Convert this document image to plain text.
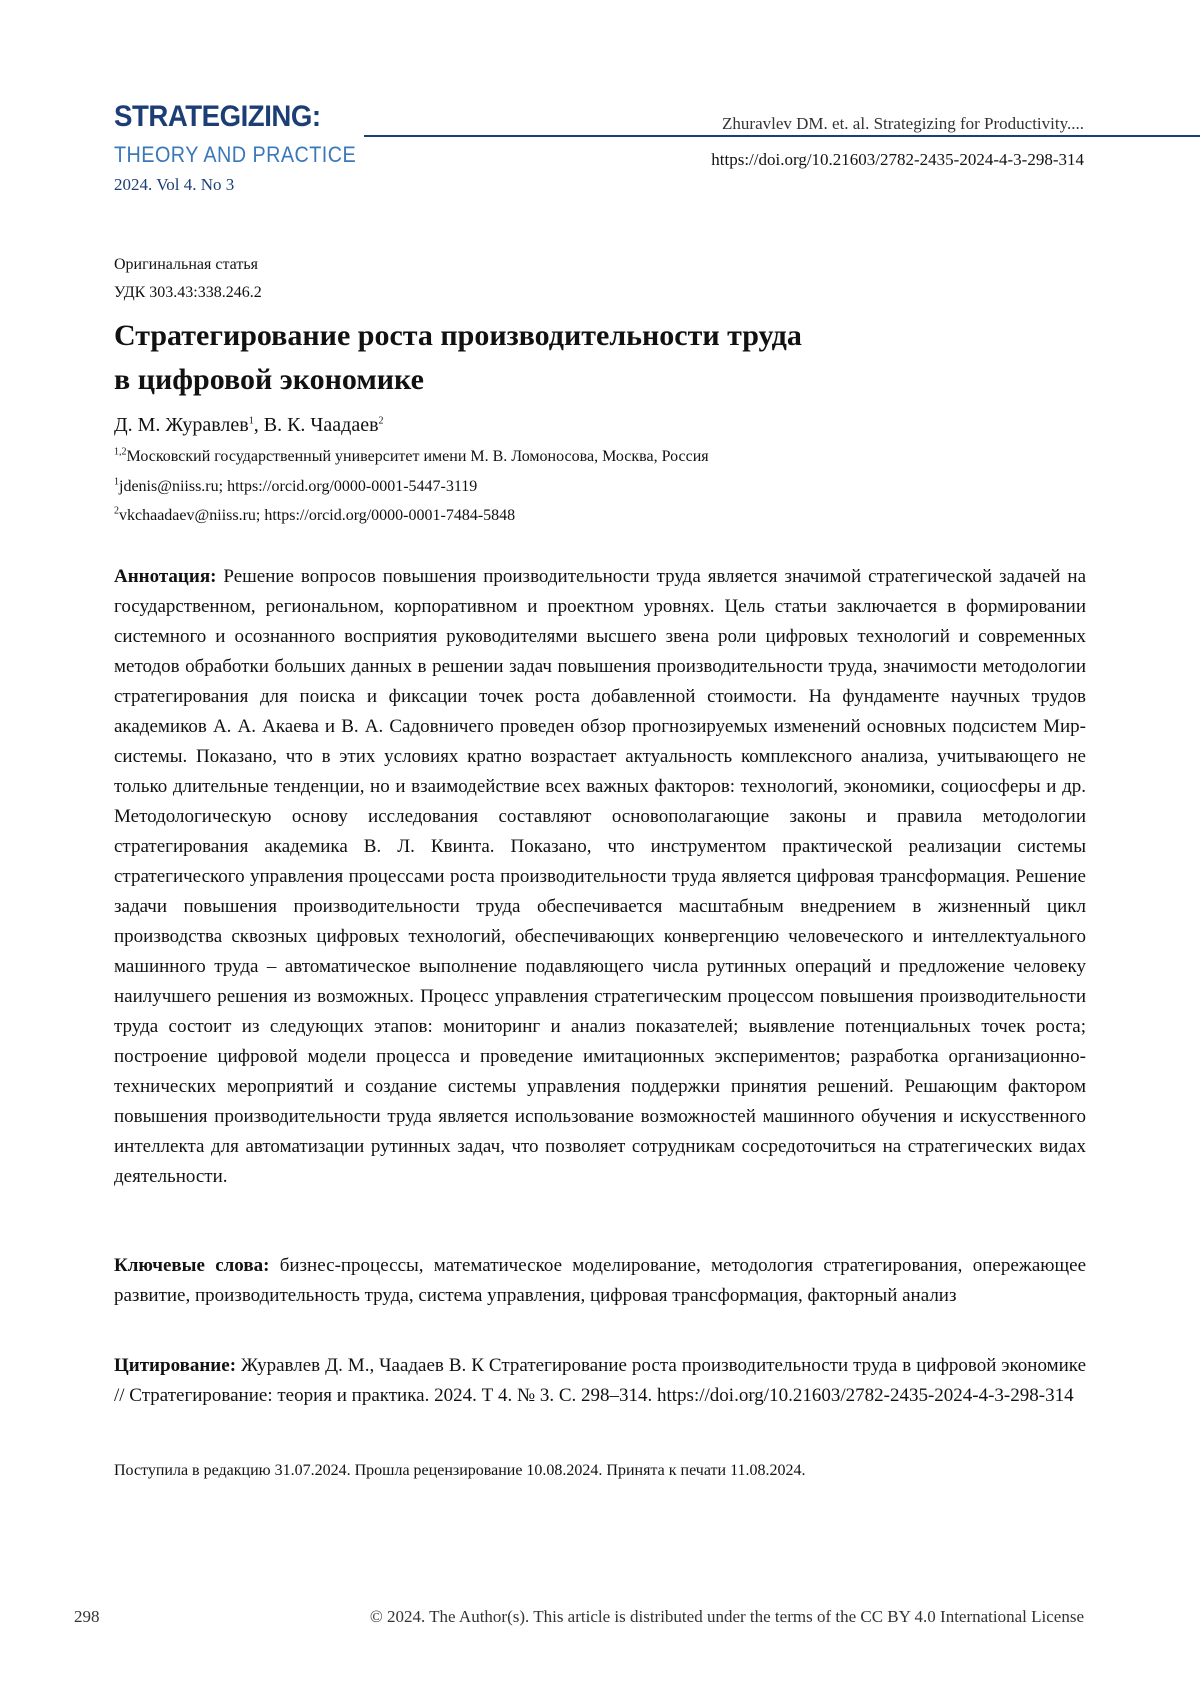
STRATEGIZING:
THEORY AND PRACTICE
2024. Vol 4. No 3
Zhuravlev DM. et. al. Strategizing for Productivity....
https://doi.org/10.21603/2782-2435-2024-4-3-298-314
Оригинальная статья
УДК 303.43:338.246.2
Стратегирование роста производительности труда
в цифровой экономике
Д. М. Журавлев$^1$, В. К. Чаадаев$^2$
$^{1,2}$Московский государственный университет имени М. В. Ломоносова, Москва, Россия
$^1$jdenis@niiss.ru; https://orcid.org/0000-0001-5447-3119
$^2$vkchaadaev@niiss.ru; https://orcid.org/0000-0001-7484-5848
Аннотация: Решение вопросов повышения производительности труда является значимой стратегической задачей на государственном, региональном, корпоративном и проектном уровнях. Цель статьи заключается в формировании системного и осознанного восприятия руководителями высшего звена роли цифровых технологий и современных методов обработки больших данных в решении задач повышения производительности труда, значимости методологии стратегирования для поиска и фиксации точек роста добавленной стоимости. На фундаменте научных трудов академиков А. А. Акаева и В. А. Садовничего проведен обзор прогнозируемых изменений основных подсистем Мир-системы. Показано, что в этих условиях кратно возрастает актуальность комплексного анализа, учитывающего не только длительные тенденции, но и взаимодействие всех важных факторов: технологий, экономики, социосферы и др. Методологическую основу исследования составляют основополагающие законы и правила методологии стратегирования академика В. Л. Квинта. Показано, что инструментом практической реализации системы стратегического управления процессами роста производительности труда является цифровая трансформация. Решение задачи повышения производительности труда обеспечивается масштабным внедрением в жизненный цикл производства сквозных цифровых технологий, обеспечивающих конвергенцию человеческого и интеллектуального машинного труда – автоматическое выполнение подавляющего числа рутинных операций и предложение человеку наилучшего решения из возможных. Процесс управления стратегическим процессом повышения производительности труда состоит из следующих этапов: мониторинг и анализ показателей; выявление потенциальных точек роста; построение цифровой модели процесса и проведение имитационных экспериментов; разработка организационно-технических мероприятий и создание системы управления поддержки принятия решений. Решающим фактором повышения производительности труда является использование возможностей машинного обучения и искусственного интеллекта для автоматизации рутинных задач, что позволяет сотрудникам сосредоточиться на стратегических видах деятельности.
Ключевые слова: бизнес-процессы, математическое моделирование, методология стратегирования, опережающее развитие, производительность труда, система управления, цифровая трансформация, факторный анализ
Цитирование: Журавлев Д. М., Чаадаев В. К Стратегирование роста производительности труда в цифровой экономике // Стратегирование: теория и практика. 2024. Т 4. № 3. С. 298–314. https://doi.org/10.21603/2782-2435-2024-4-3-298-314
Поступила в редакцию 31.07.2024. Прошла рецензирование 10.08.2024. Принята к печати 11.08.2024.
298	© 2024. The Author(s). This article is distributed under the terms of the CC BY 4.0 International License
